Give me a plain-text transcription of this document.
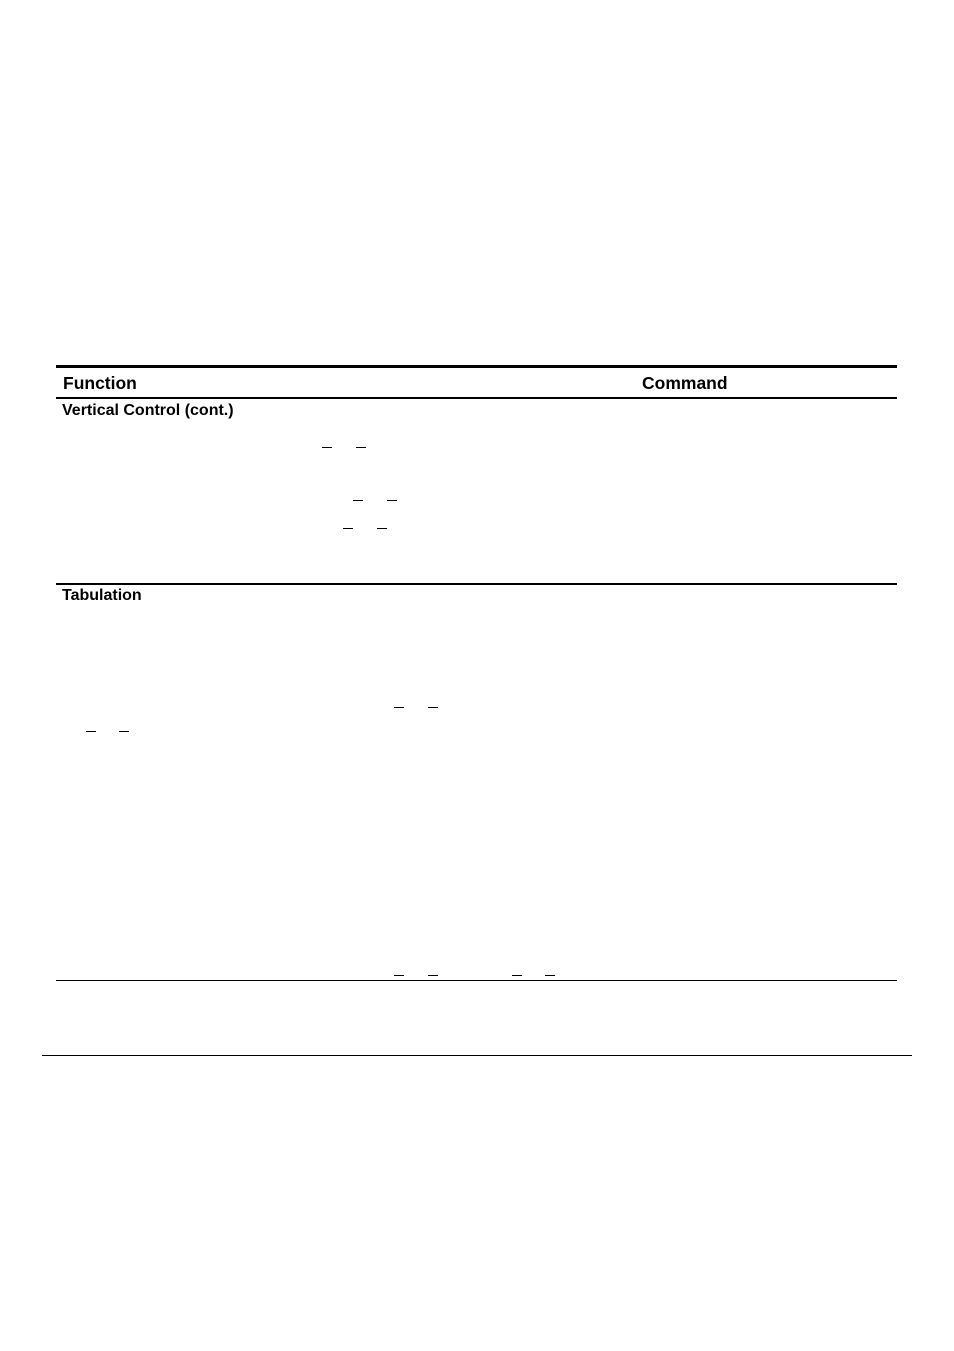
Function	Command
Vertical Control (cont.)
Tabulation
